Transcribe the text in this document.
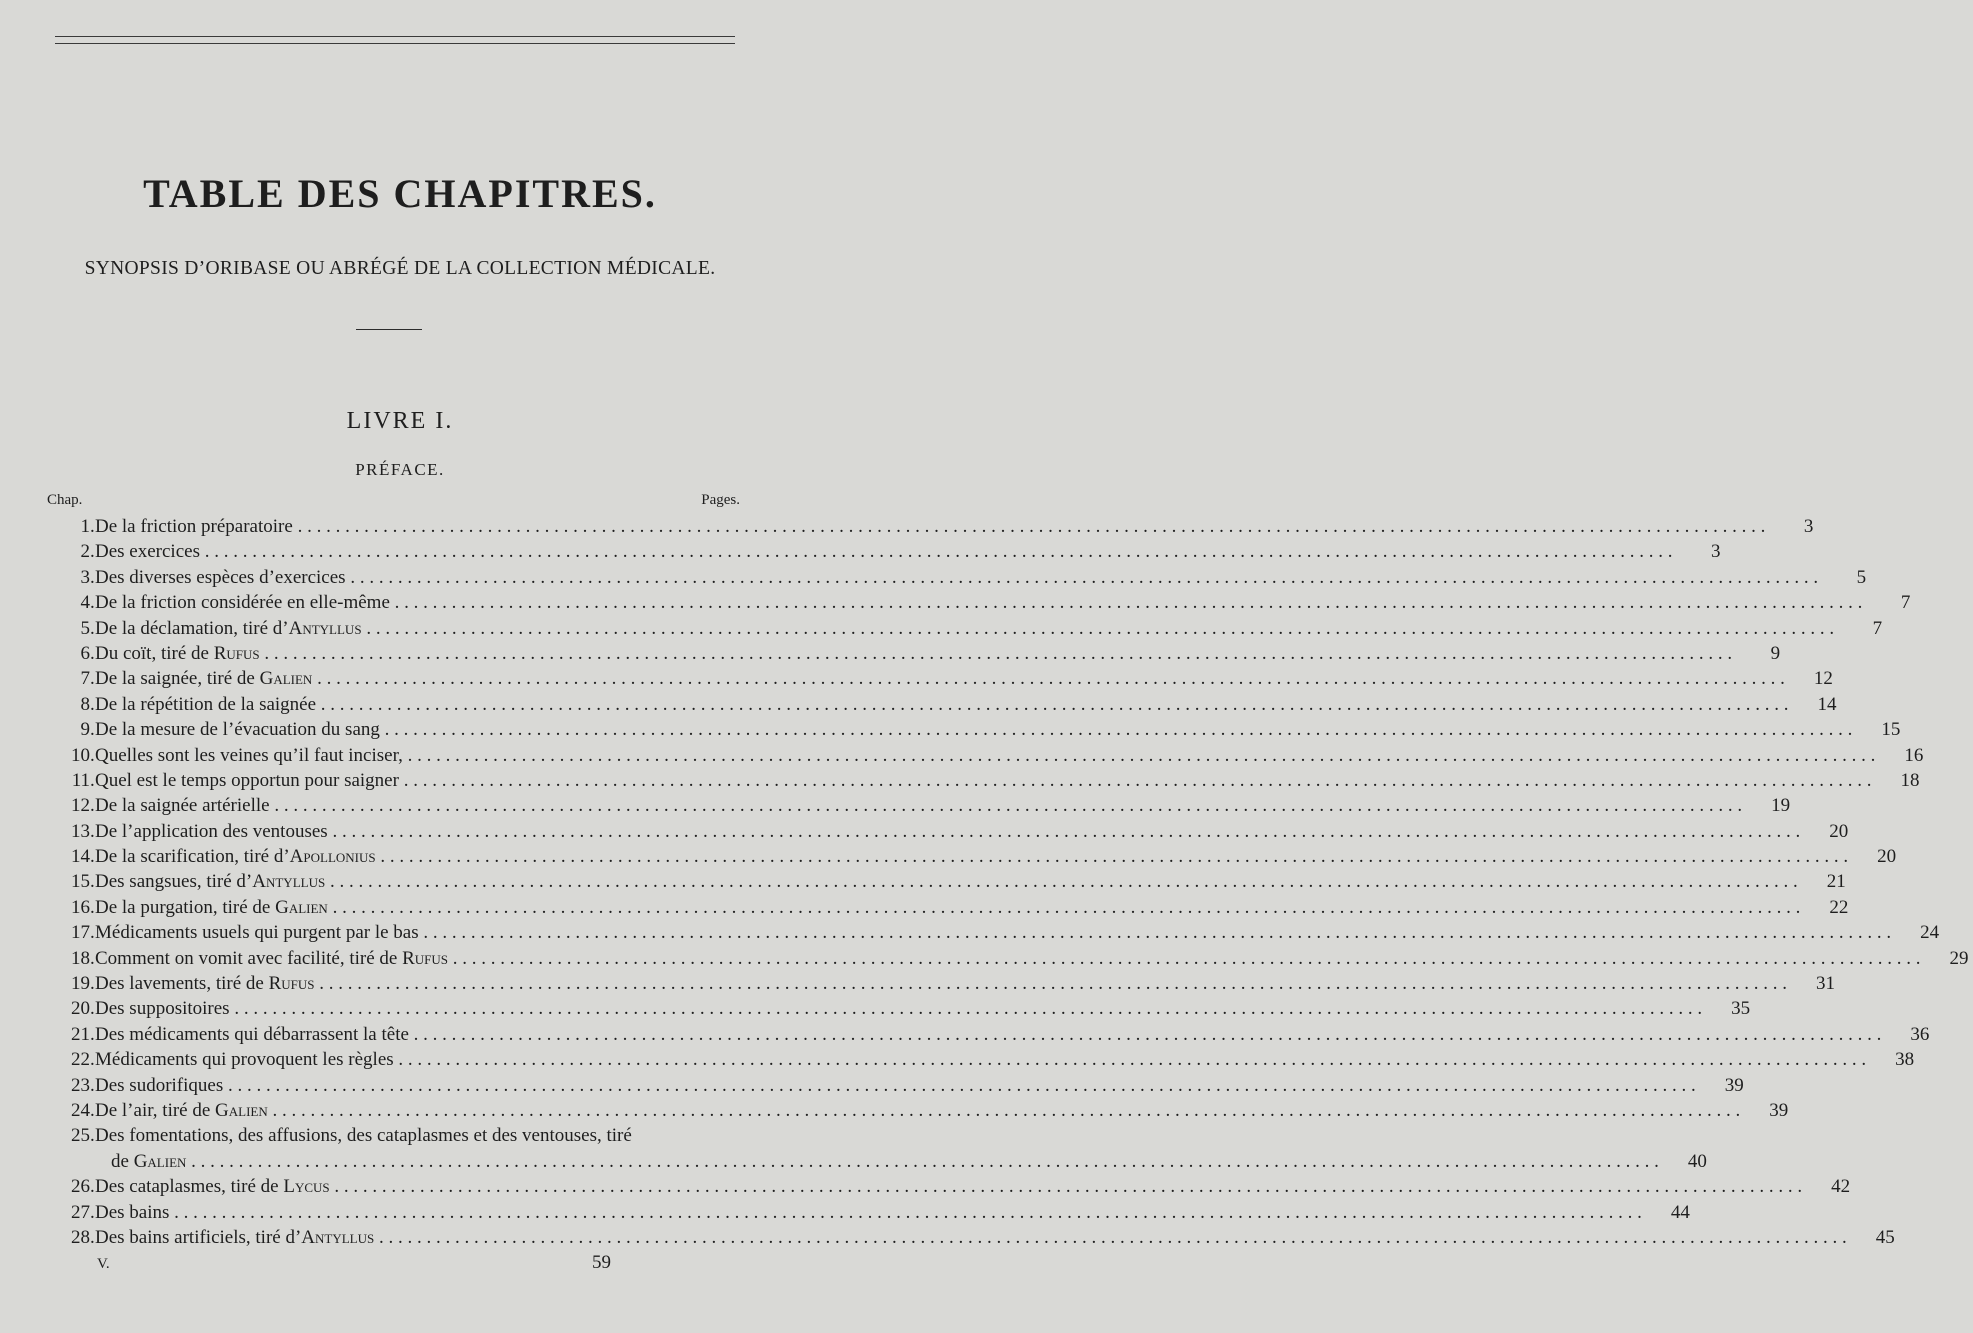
TABLE DES CHAPITRES.
SYNOPSIS D’ORIBASE OU ABRÉGÉ DE LA COLLECTION MÉDICALE.
LIVRE I.
PRÉFACE.
Chap.	Pages.
1 . De la friction préparatoire . . .	3
2 . Des exercices . . .	3
3 . Des diverses espèces d’exercices . . .	5
4 . De la friction considérée en elle-même . . .	7
5 . De la déclamation, tiré d’Antyllus . . .	7
6 . Du coït, tiré de Rufus . . .	9
7 . De la saignée, tiré de Galien . . .	12
8 . De la répétition de la saignée . . .	14
9 . De la mesure de l’évacuation du sang . . .	15
10 . Quelles sont les veines qu’il faut inciser, . . .	16
11 . Quel est le temps opportun pour saigner . . .	18
12 . De la saignée artérielle . . .	19
13 . De l’application des ventouses . . .	20
14 . De la scarification, tiré d’Apollonius . . .	20
15 . Des sangsues, tiré d’Antyllus . . .	21
16 . De la purgation, tiré de Galien . . .	22
17 . Médicaments usuels qui purgent par le bas . . .	24
18 . Comment on vomit avec facilité, tiré de Rufus . . .	29
19 . Des lavements, tiré de Rufus . . .	31
20 . Des suppositoires . . .	35
21 . Des médicaments qui débarrassent la tête . . .	36
22 . Médicaments qui provoquent les règles . . .	38
23 . Des sudorifiques . . .	39
24 . De l’air, tiré de Galien . . .	39
25 . Des fomentations, des affusions, des cataplasmes et des ventouses, tiré
de Galien . . .	40
26 . Des cataplasmes, tiré de Lycus . . .	42
27 . Des bains . . .	44
28 . Des bains artificiels, tiré d’Antyllus . . .	45
V.	59
